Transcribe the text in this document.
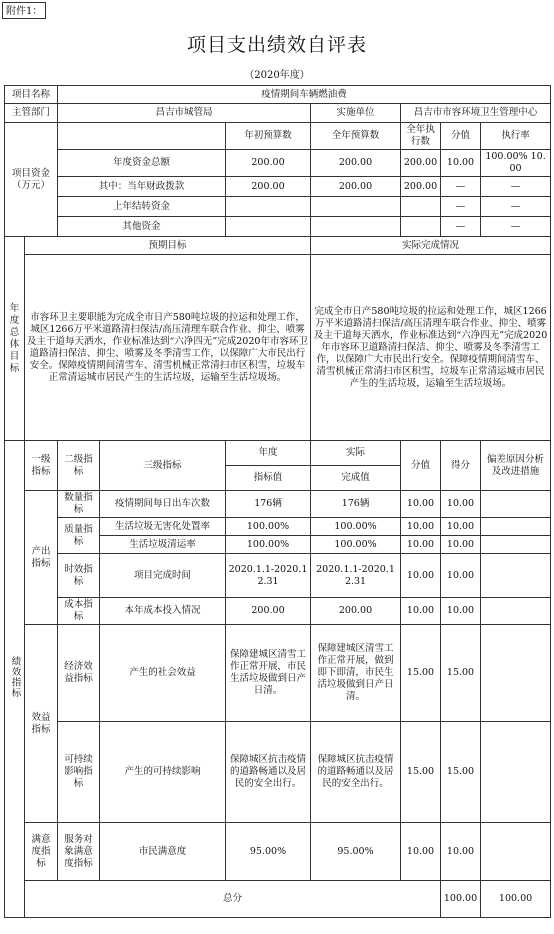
附件1：
项目支出绩效自评表
（2020年度）
项目名称		疫情期间车辆燃油费							
主管部门		昌吉市城管局			实施单位	昌吉市市容环境卫生管理中心			
项目资金（万元）				年初预算数	全年预算数	全年执行数	分值	执行率	
		年度资金总额		200.00	200.00	200.00	10.00	100.00% 10.00	
		其中：当年财政拨款		200.00	200.00	200.00	—	—	
		上年结转资金					—	—	
		其他资金					—	—	
年度总体目标	预期目标				实际完成情况				
	市容环卫主要职能为完成全市日产580吨垃圾的拉运和处理工作，城区1266万平米道路清扫保洁/高压清理车联合作业、抑尘、喷雾及主干道每天洒水，作业标准达到“六净四无”完成2020年市容环卫道路清扫保洁、抑尘、喷雾及冬季清雪工作，以保障广大市民出行安全。保障疫情期间清雪车、清雪机械正常清扫市区积雪，垃圾车正常清运城市居民产生的生活垃圾，运输至生活垃圾场。				完成全市日产580吨垃圾的拉运和处理工作，城区1266万平米道路清扫保洁/高压清理车联合作业、抑尘、喷雾及主干道每天洒水，作业标准达到“六净四无”完成2020年市容环卫道路清扫保洁、抑尘、喷雾及冬季清雪工作，以保障广大市民出行安全。保障疫情期间清雪车、清雪机械正常清扫市区积雪，垃圾车正常清运城市居民产生的生活垃圾，运输至生活垃圾场。				
绩效指标	一级指标	二级指标	三级指标	年度	实际	分值	得分	偏差原因分析及改进措施	
				指标值	完成值				
	产出指标	数量指标	疫情期间每日出车次数	176辆	176辆	10.00	10.00		
		质量指标	生活垃圾无害化处置率	100.00%	100.00%	10.00	10.00		
			生活垃圾清运率	100.00%	100.00%	10.00	10.00		
		时效指标	项目完成时间	2020.1.1-2020.12.31	2020.1.1-2020.12.31	10.00	10.00		
		成本指标	本年成本投入情况	200.00	200.00	10.00	10.00		
	效益指标	经济效益指标	产生的社会效益	保障建城区清雪工作正常开展，市民生活垃圾做到日产日清。	保障建城区清雪工作正常开展，做到即下即清，市民生活垃圾做到日产日清。	15.00	15.00		
		可持续影响指标	产生的可持续影响	保障城区抗击疫情的道路畅通以及居民的安全出行。	保障城区抗击疫情的道路畅通以及居民的安全出行。	15.00	15.00		
	满意度指标	服务对象满意度指标	市民满意度	95.00%	95.00%	10.00	10.00		
	总分						100.00	100.00	
